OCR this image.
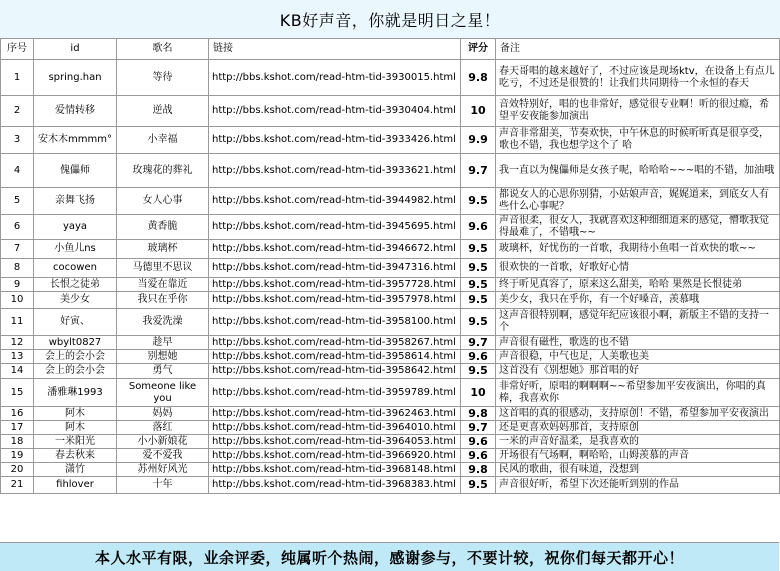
KB好声音，你就是明日之星！
序号	id	歌名	链接	评分	备注
1	spring.han	等待	http://bbs.kshot.com/read-htm-tid-3930015.html	9.8	春天哥唱的越来越好了，不过应该是现场ktv，在设备上有点儿吃亏，不过还是很赞的！让我们共同期待一个永恒的春天
2	爱情转移	逆战	http://bbs.kshot.com/read-htm-tid-3930404.html	10	音效特别好，唱的也非常好，感觉很专业啊！听的很过瘾，希望平安夜能参加演出
3	安木木mmmm°	小幸福	http://bbs.kshot.com/read-htm-tid-3933426.html	9.9	声音非常甜美，节奏欢快，中午休息的时候听听真是很享受，歌也不错，我也想学这个了 哈
4	傀儡师	玫瑰花的葬礼	http://bbs.kshot.com/read-htm-tid-3933621.html	9.7	我一直以为傀儡师是女孩子呢，哈哈哈~~~唱的不错，加油哦
5	亲舞飞扬	女人心事	http://bbs.kshot.com/read-htm-tid-3944982.html	9.5	都说女人的心思你别猜，小姑娘声音，娓娓道来，到底女人有些什么心事呢？
6	yaya	黄香脆	http://bbs.kshot.com/read-htm-tid-3945695.html	9.6	声音很柔，很女人，我就喜欢这种细细道来的感觉，懵歌我觉得最难了，不错哦~~
7	小鱼儿ns	玻璃杯	http://bbs.kshot.com/read-htm-tid-3946672.html	9.5	玻璃杯，好忧伤的一首歌，我期待小鱼唱一首欢快的歌~~
8	cocowen	马德里不思议	http://bbs.kshot.com/read-htm-tid-3947316.html	9.5	很欢快的一首歌，好歌好心情
9	长恨之徒弟	当爱在靠近	http://bbs.kshot.com/read-htm-tid-3957728.html	9.5	终于听见真容了，原来这么甜美，哈哈 果然是长恨徒弟
10	美少女	我只在乎你	http://bbs.kshot.com/read-htm-tid-3957978.html	9.5	美少女，我只在乎你，有一个好嗓音，羡慕哦
11	好寅、	我爱洗澡	http://bbs.kshot.com/read-htm-tid-3958100.html	9.5	这声音很特别啊，感觉年纪应该很小啊，新版主不错的支持一个
12	wbylt0827	趁早	http://bbs.kshot.com/read-htm-tid-3958267.html	9.7	声音很有磁性，歌选的也不错
13	会上的会小会	别想她	http://bbs.kshot.com/read-htm-tid-3958614.html	9.6	声音很稳，中气也足，人美歌也美
14	会上的会小会	勇气	http://bbs.kshot.com/read-htm-tid-3958642.html	9.5	这首没有《别想她》那首唱的好
15	潘雅琳1993	Someone like you	http://bbs.kshot.com/read-htm-tid-3959789.html	10	非常好听，原唱的啊啊啊~~希望参加平安夜演出，你唱的真棒，我喜欢你
16	阿木	妈妈	http://bbs.kshot.com/read-htm-tid-3962463.html	9.8	这首唱的真的很感动，支持原创！不错，希望参加平安夜演出
17	阿木	落红	http://bbs.kshot.com/read-htm-tid-3964010.html	9.7	还是更喜欢妈妈那首，支持原创
18	一米阳光	小小新娘花	http://bbs.kshot.com/read-htm-tid-3964053.html	9.6	一米的声音好温柔，是我喜欢的
19	春去秋来	爱不爱我	http://bbs.kshot.com/read-htm-tid-3966920.html	9.6	开场很有气场啊，啊哈哈，山姆羡慕的声音
20	潇竹	苏州好风光	http://bbs.kshot.com/read-htm-tid-3968148.html	9.8	民风的歌曲，很有味道，没想到
21	fihlover	十年	http://bbs.kshot.com/read-htm-tid-3968383.html	9.5	声音很好听，希望下次还能听到别的作品
本人水平有限，业余评委，纯属听个热闹，感谢参与，不要计较，祝你们每天都开心！
